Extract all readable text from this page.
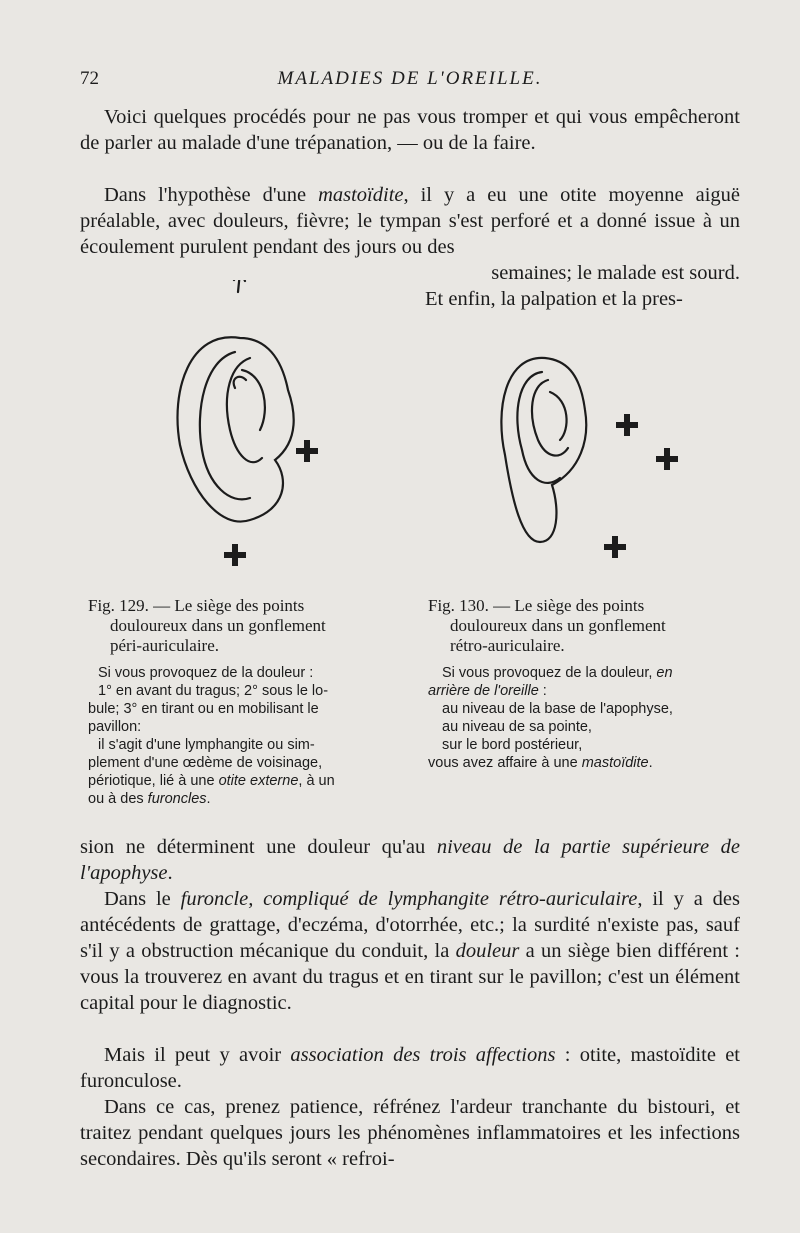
72	MALADIES DE L'OREILLE.

Voici quelques procédés pour ne pas vous tromper et qui vous empêcheront de parler au malade d'une trépanation, — ou de la faire.

Dans l'hypothèse d'une mastoïdite, il y a eu une otite moyenne aiguë préalable, avec douleurs, fièvre; le tympan s'est perforé et a donné issue à un écoulement purulent pendant des jours ou des

semaines; le malade est sourd.

Et enfin, la palpation et la pres-

Fig. 129. — Le siège des points
douloureux dans un gonflement
péri-auriculaire.
Fig. 130. — Le siège des points
douloureux dans un gonflement
rétro-auriculaire.
Si vous provoquez de la douleur :
1° en avant du tragus; 2° sous le lo-
bule; 3° en tirant ou en mobilisant le
pavillon:
il s'agit d'une lymphangite ou sim-
plement d'une œdème de voisinage,
périotique, lié à une otite externe, à un
ou à des furoncles.
Si vous provoquez de la douleur, en
arrière de l'oreille :
au niveau de la base de l'apophyse,
au niveau de sa pointe,
sur le bord postérieur,
vous avez affaire à une mastoïdite.

sion ne déterminent une douleur qu'au niveau de la partie supérieure de l'apophyse.

Dans le furoncle, compliqué de lymphangite rétro-auriculaire, il y a des antécédents de grattage, d'eczéma, d'otorrhée, etc.; la surdité n'existe pas, sauf s'il y a obstruction mécanique du conduit, la douleur a un siège bien différent : vous la trouverez en avant du tragus et en tirant sur le pavillon; c'est un élément capital pour le diagnostic.

Mais il peut y avoir association des trois affections : otite, mastoïdite et furonculose.

Dans ce cas, prenez patience, réfrénez l'ardeur tranchante du bistouri, et traitez pendant quelques jours les phénomènes inflammatoires et les infections secondaires. Dès qu'ils seront « refroi-
